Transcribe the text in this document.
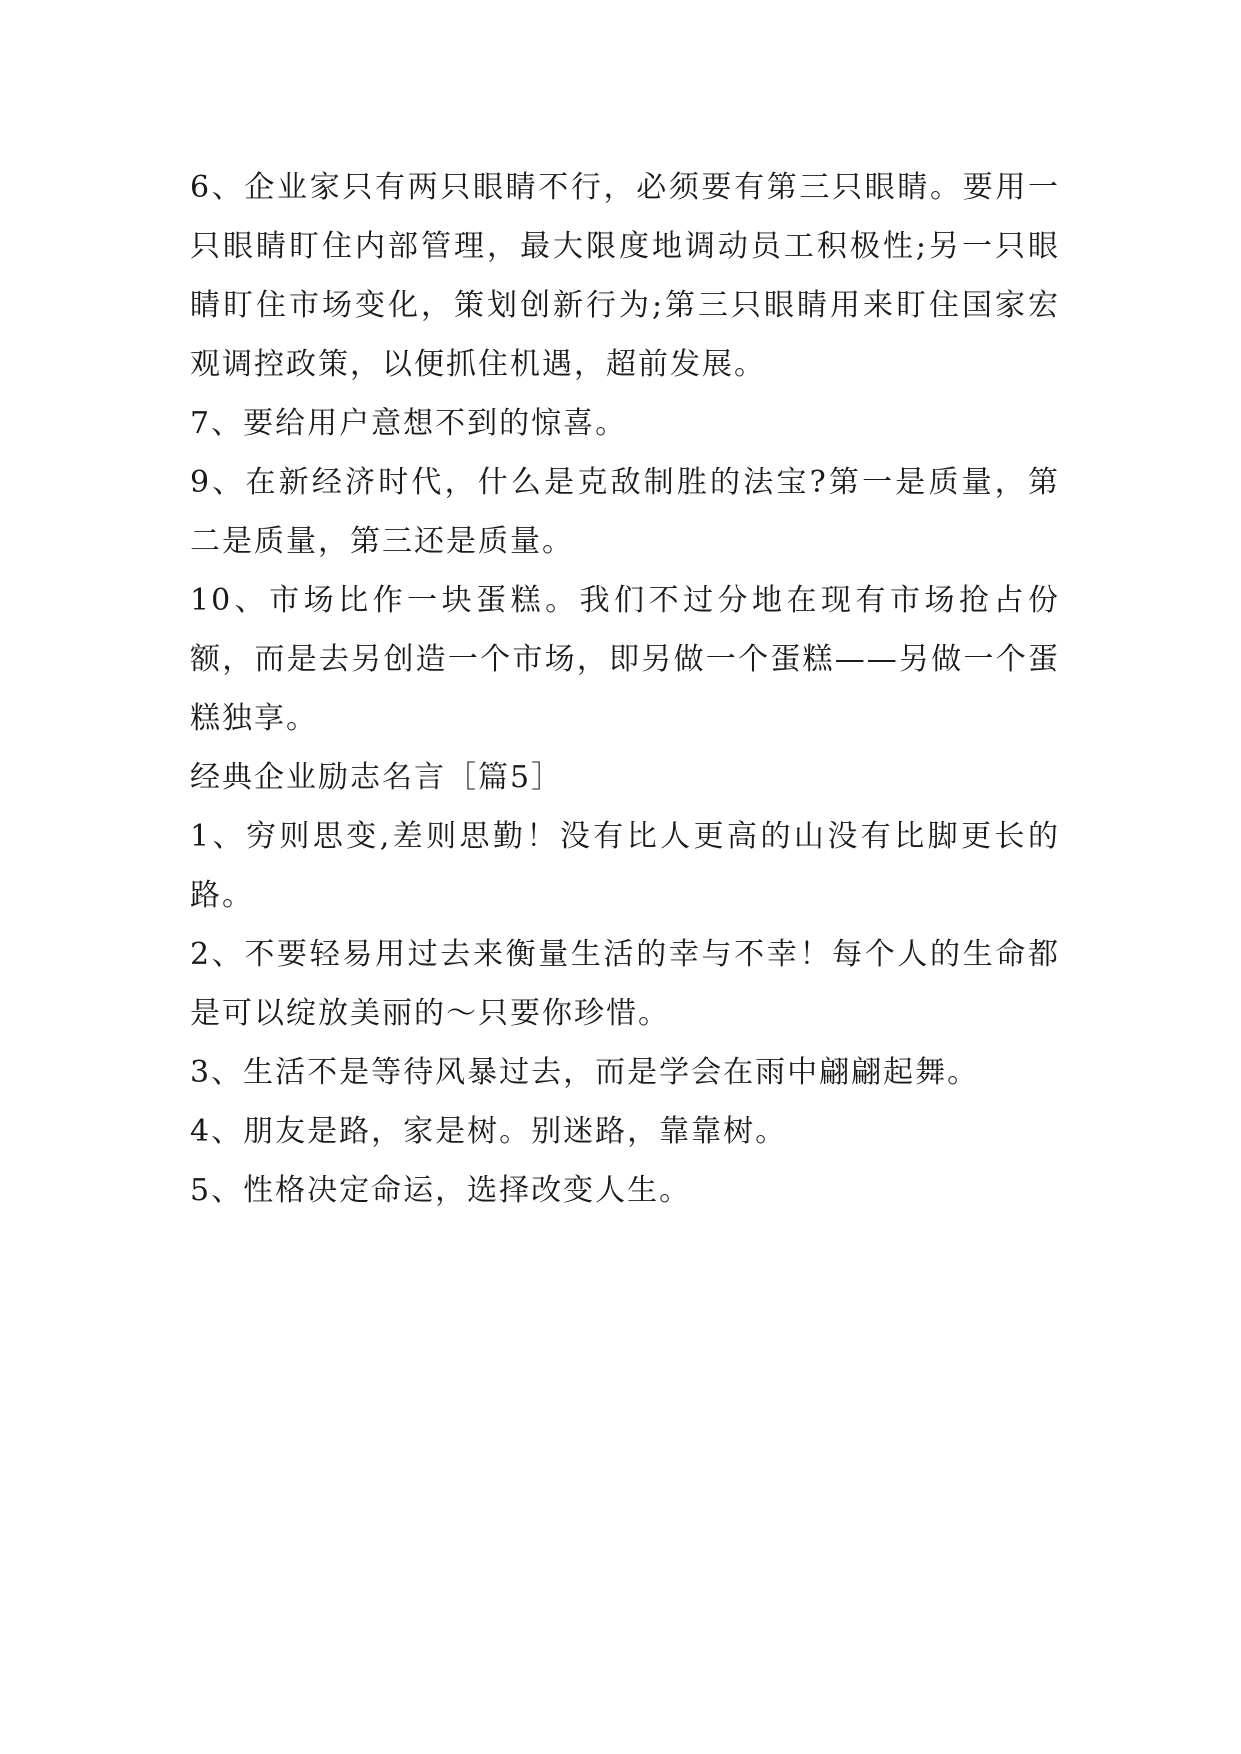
6、企业家只有两只眼睛不行，必须要有第三只眼睛。要用一只眼睛盯住内部管理，最大限度地调动员工积极性;另一只眼睛盯住市场变化，策划创新行为;第三只眼睛用来盯住国家宏观调控政策，以便抓住机遇，超前发展。

7、要给用户意想不到的惊喜。

9、在新经济时代，什么是克敌制胜的法宝?第一是质量，第二是质量，第三还是质量。

10、市场比作一块蛋糕。我们不过分地在现有市场抢占份额，而是去另创造一个市场，即另做一个蛋糕——另做一个蛋糕独享。

经典企业励志名言［篇5］

1、穷则思变,差则思勤！没有比人更高的山没有比脚更长的路。

2、不要轻易用过去来衡量生活的幸与不幸！每个人的生命都是可以绽放美丽的～只要你珍惜。

3、生活不是等待风暴过去，而是学会在雨中翩翩起舞。

4、朋友是路，家是树。别迷路，靠靠树。

5、性格决定命运，选择改变人生。
